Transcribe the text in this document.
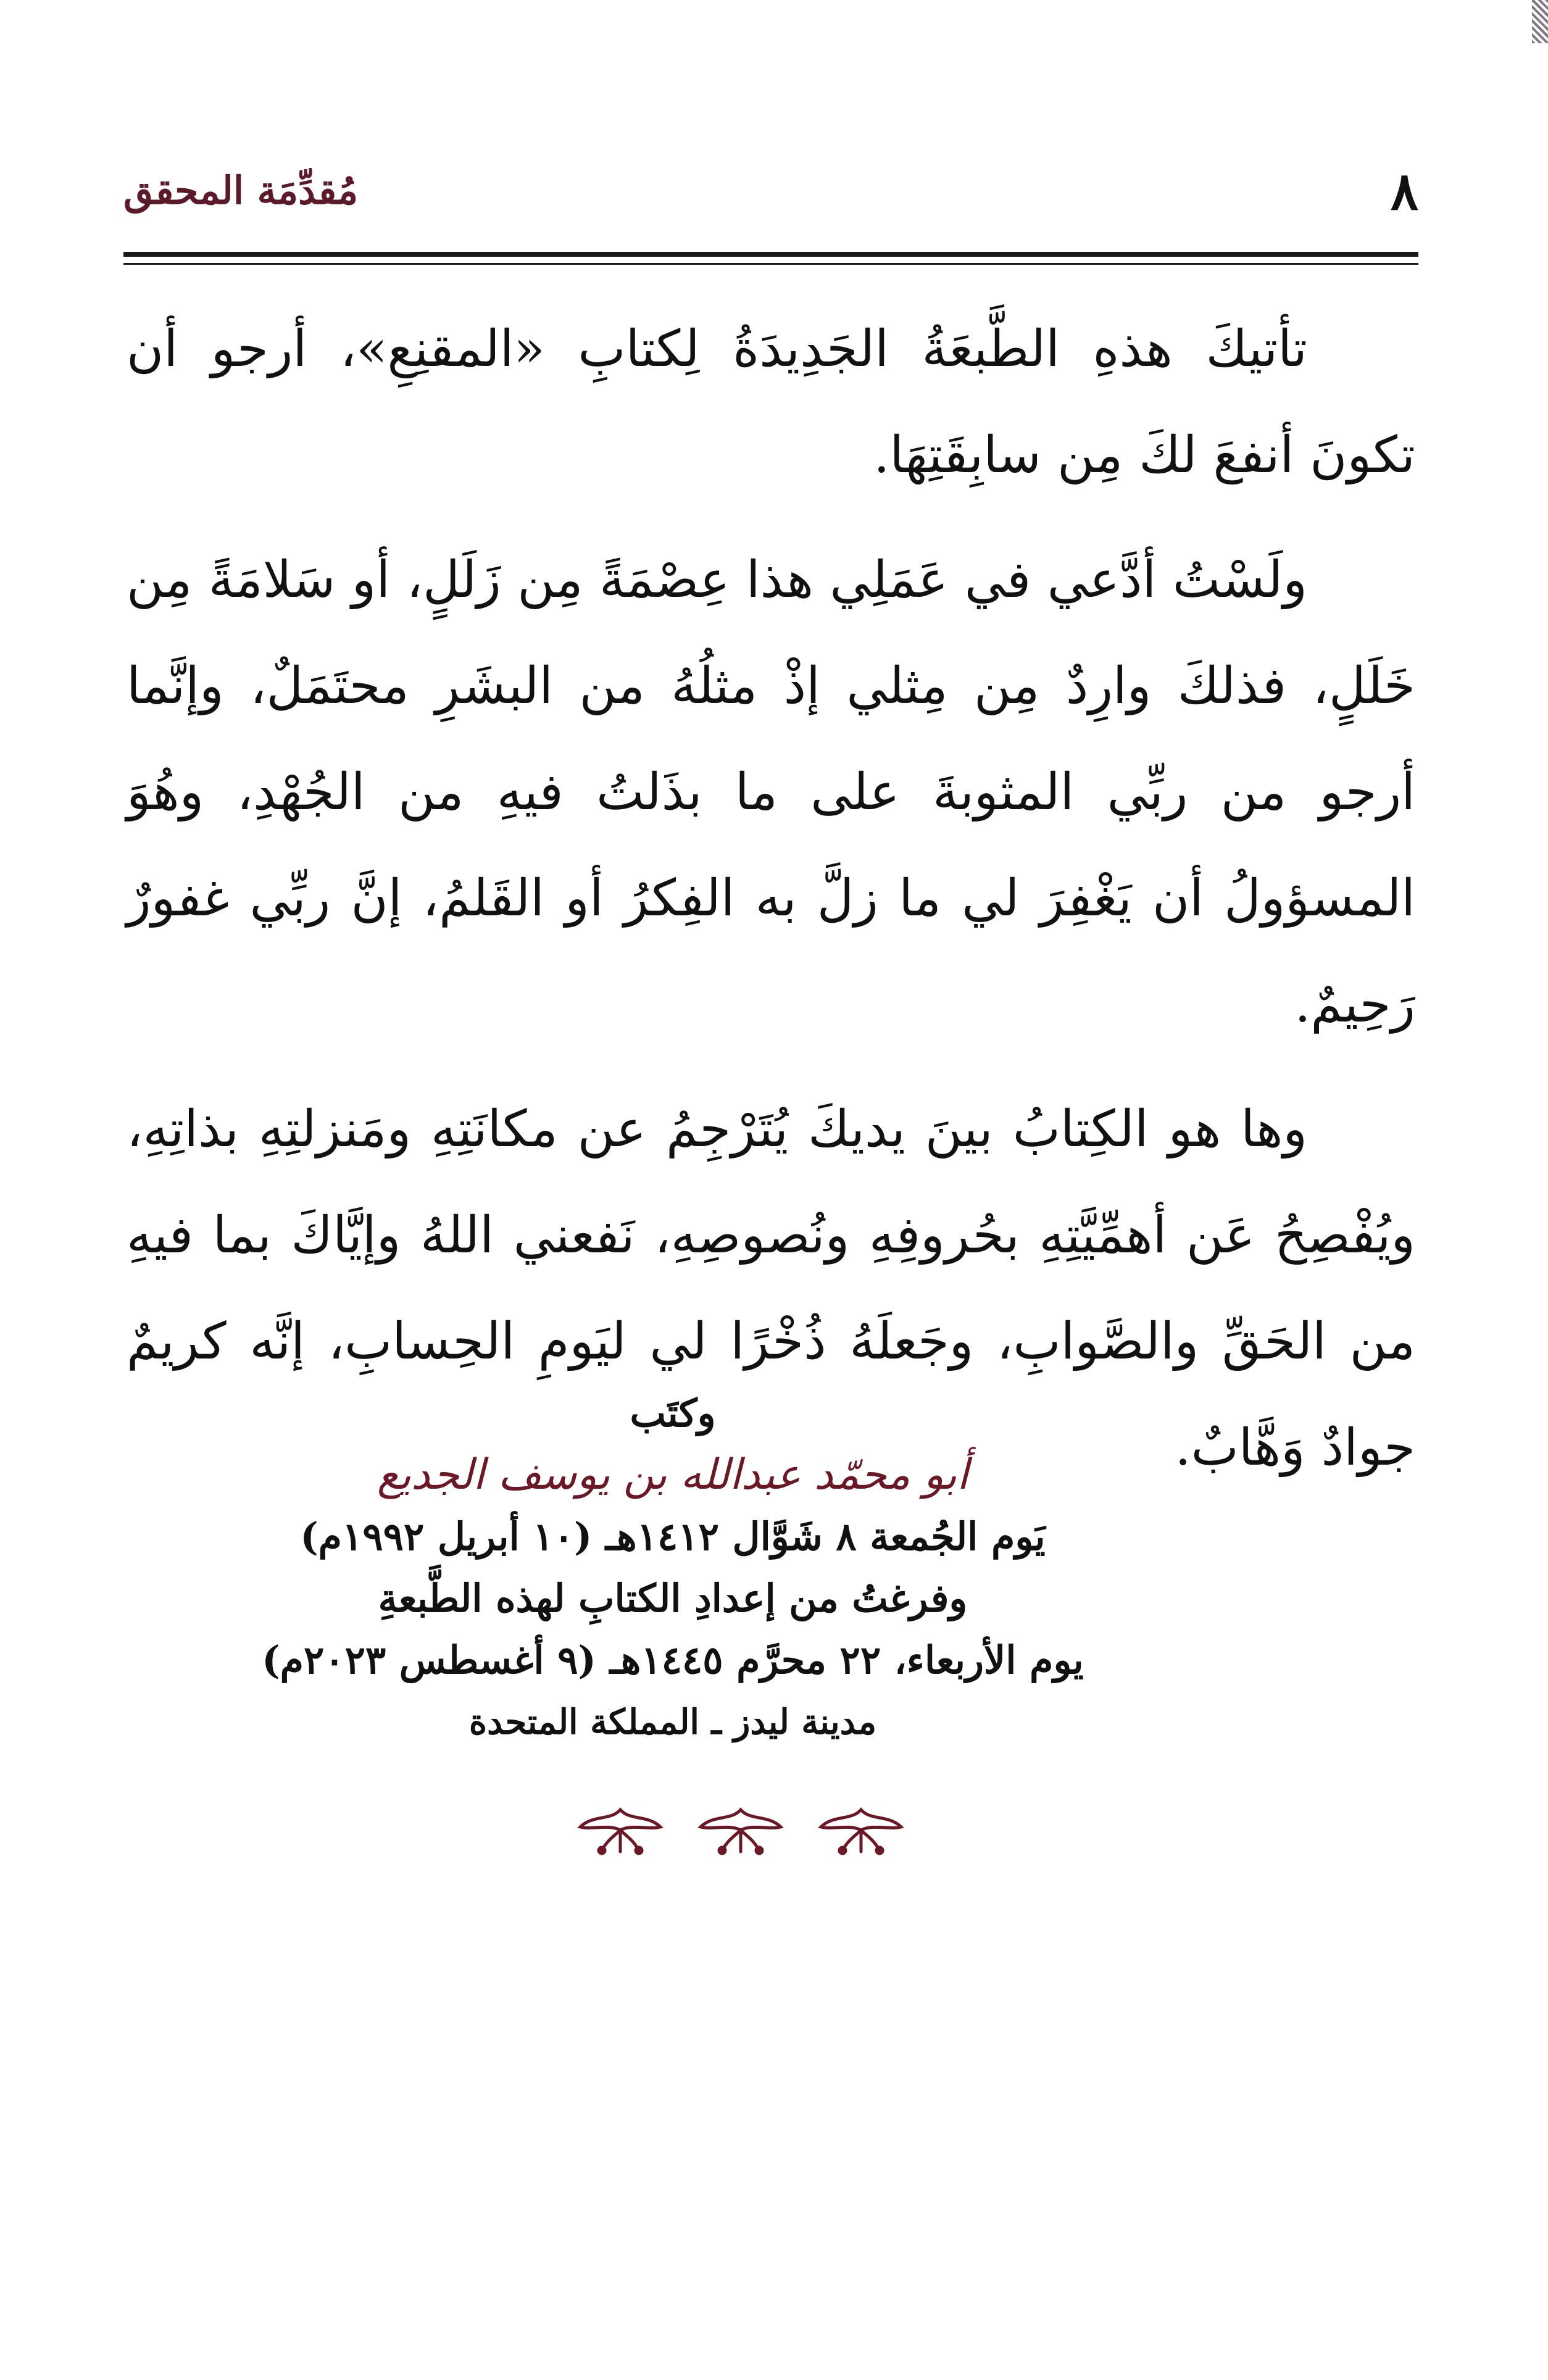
٨
مُقدِّمَة المحقق

تأتيكَ هذهِ الطَّبعَةُ الجَدِيدَةُ لِكتابِ «المقنِعِ»، أرجو أن تكونَ أنفعَ لكَ مِن سابِقَتِهَا.

ولَسْتُ أدَّعي في عَمَلِي هذا عِصْمَةً مِن زَلَلٍ، أو سَلامَةً مِن خَلَلٍ، فذلكَ وارِدٌ مِن مِثلي إذْ مثلُهُ من البشَرِ محتَمَلٌ، وإنَّما أرجو من ربِّي المثوبةَ على ما بذَلتُ فيهِ من الجُهْدِ، وهُوَ المسؤولُ أن يَغْفِرَ لي ما زلَّ به الفِكرُ أو القَلمُ، إنَّ ربِّي غفورٌ رَحِيمٌ.

وها هو الكِتابُ بينَ يديكَ يُتَرْجِمُ عن مكانَتِهِ ومَنزلتِهِ بذاتِهِ، ويُفْصِحُ عَن أهمِّيَّتِهِ بحُروفِهِ ونُصوصِهِ، نَفعني اللهُ وإيَّاكَ بما فيهِ من الحَقِّ والصَّوابِ، وجَعلَهُ ذُخْرًا لي ليَومِ الحِسابِ، إنَّه كريمٌ جوادٌ وَهَّابٌ.

وكتَب
أبو محمّد عبدالله بن يوسف الجديع
يَوم الجُمعة ٨ شَوَّال ١٤١٢هـ (١٠ أبريل ١٩٩٢م)
وفرغتُ من إعدادِ الكتابِ لهذه الطَّبعةِ
يوم الأربعاء، ٢٢ محرَّم ١٤٤٥هـ (٩ أغسطس ٢٠٢٣م)
مدينة ليدز ـ المملكة المتحدة
